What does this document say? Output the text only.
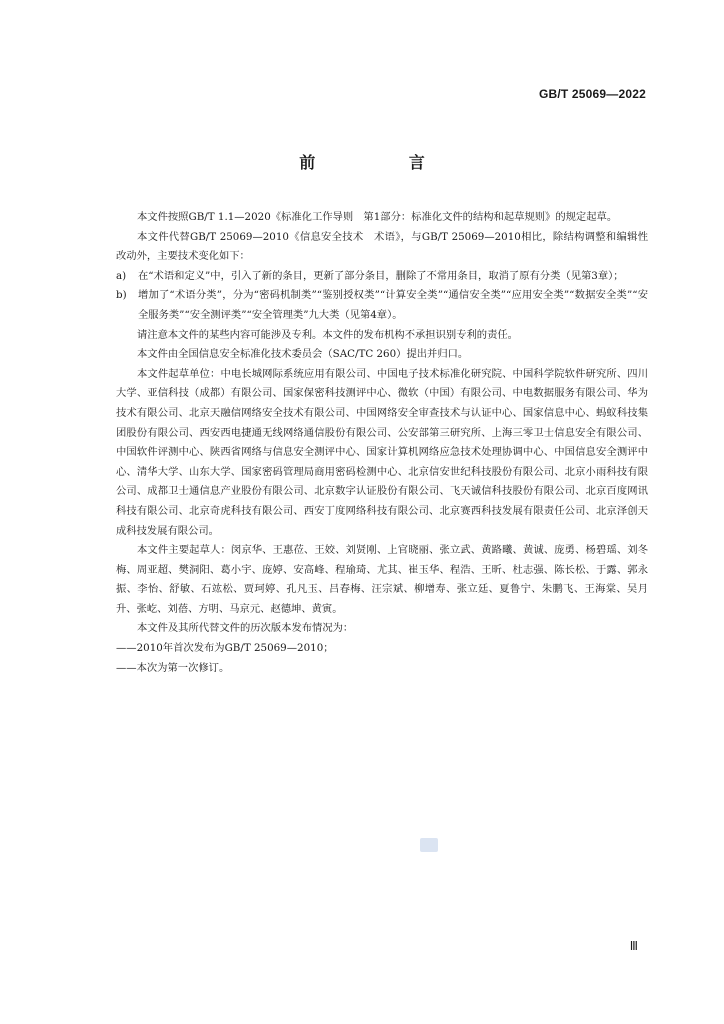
GB/T 25069—2022
前 言

本文件按照GB/T 1.1—2020《标准化工作导则　第1部分：标准化文件的结构和起草规则》的规定起草。

本文件代替GB/T 25069—2010《信息安全技术　术语》，与GB/T 25069—2010相比，除结构调整和编辑性改动外，主要技术变化如下：

a)	在“术语和定义”中，引入了新的条目，更新了部分条目，删除了不常用条目，取消了原有分类（见第3章）；
b)	增加了“术语分类”，分为“密码机制类”“鉴别授权类”“计算安全类”“通信安全类”“应用安全类”“数据安全类”“安全服务类”“安全测评类”“安全管理类”九大类（见第4章）。

请注意本文件的某些内容可能涉及专利。本文件的发布机构不承担识别专利的责任。

本文件由全国信息安全标准化技术委员会（SAC/TC 260）提出并归口。

本文件起草单位：中电长城网际系统应用有限公司、中国电子技术标准化研究院、中国科学院软件研究所、四川大学、亚信科技（成都）有限公司、国家保密科技测评中心、微软（中国）有限公司、中电数据服务有限公司、华为技术有限公司、北京天融信网络安全技术有限公司、中国网络安全审查技术与认证中心、国家信息中心、蚂蚁科技集团股份有限公司、西安西电捷通无线网络通信股份有限公司、公安部第三研究所、上海三零卫士信息安全有限公司、中国软件评测中心、陕西省网络与信息安全测评中心、国家计算机网络应急技术处理协调中心、中国信息安全测评中心、清华大学、山东大学、国家密码管理局商用密码检测中心、北京信安世纪科技股份有限公司、北京小雨科技有限公司、成都卫士通信息产业股份有限公司、北京数字认证股份有限公司、飞天诚信科技股份有限公司、北京百度网讯科技有限公司、北京奇虎科技有限公司、西安丁度网络科技有限公司、北京赛西科技发展有限责任公司、北京泽创天成科技发展有限公司。

本文件主要起草人：闵京华、王惠莅、王姣、刘贤刚、上官晓丽、张立武、黄路曦、黄诚、庞勇、杨碧瑶、刘冬梅、周亚超、樊洞阳、葛小宇、庞婷、安高峰、程瑜琦、尤其、崔玉华、程浩、王昕、杜志强、陈长松、于露、郭永振、李怡、舒敏、石竑松、贾珂婷、孔凡玉、吕春梅、汪宗斌、柳增寿、张立廷、夏鲁宁、朱鹏飞、王海棠、吴月升、张屹、刘蓓、方明、马京元、赵德坤、黄寅。

本文件及其所代替文件的历次版本发布情况为：

——2010年首次发布为GB/T 25069—2010；

——本次为第一次修订。

Ⅲ
